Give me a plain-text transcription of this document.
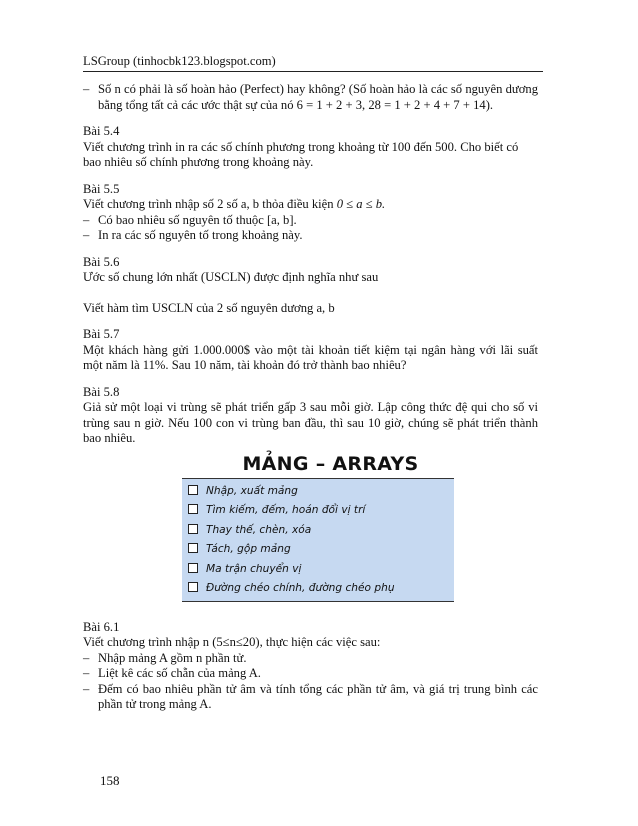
LSGroup (tinhocbk123.blogspot.com)
– Số n có phải là số hoàn hảo (Perfect) hay không? (Số hoàn hảo là các số nguyên dương bằng tổng tất cả các ước thật sự của nó 6 = 1 + 2 + 3, 28 = 1 + 2 + 4 + 7 + 14).
Bài 5.4
Viết chương trình in ra các số chính phương trong khoảng từ 100 đến 500. Cho biết có bao nhiêu số chính phương trong khoảng này.
Bài 5.5
Viết chương trình nhập số 2 số a, b thỏa điều kiện 0 ≤ a ≤ b.
– Có bao nhiêu số nguyên tố thuộc [a, b].
– In ra các số nguyên tố trong khoảng này.
Bài 5.6
Ước số chung lớn nhất (USCLN) được định nghĩa như sau
Viết hàm tìm USCLN của 2 số nguyên dương a, b
Bài 5.7
Một khách hàng gửi 1.000.000$ vào một tài khoản tiết kiệm tại ngân hàng với lãi suất một năm là 11%. Sau 10 năm, tài khoản đó trở thành bao nhiêu?
Bài 5.8
Giả sử một loại vi trùng sẽ phát triển gấp 3 sau mỗi giờ. Lập công thức đệ qui cho số vi trùng sau n giờ. Nếu 100 con vi trùng ban đầu, thì sau 10 giờ, chúng sẽ phát triển thành bao nhiêu.
MẢNG – ARRAYS
Nhập, xuất mảng
Tìm kiếm, đếm, hoán đổi vị trí
Thay thế, chèn, xóa
Tách, gộp mảng
Ma trận chuyển vị
Đường chéo chính, đường chéo phụ
Bài 6.1
Viết chương trình nhập n (5≤n≤20), thực hiện các việc sau:
– Nhập mảng A gồm n phần tử.
– Liệt kê các số chẵn của mảng A.
– Đếm có bao nhiêu phần tử âm và tính tổng các phần tử âm, và giá trị trung bình các phần tử trong mảng A.
158
